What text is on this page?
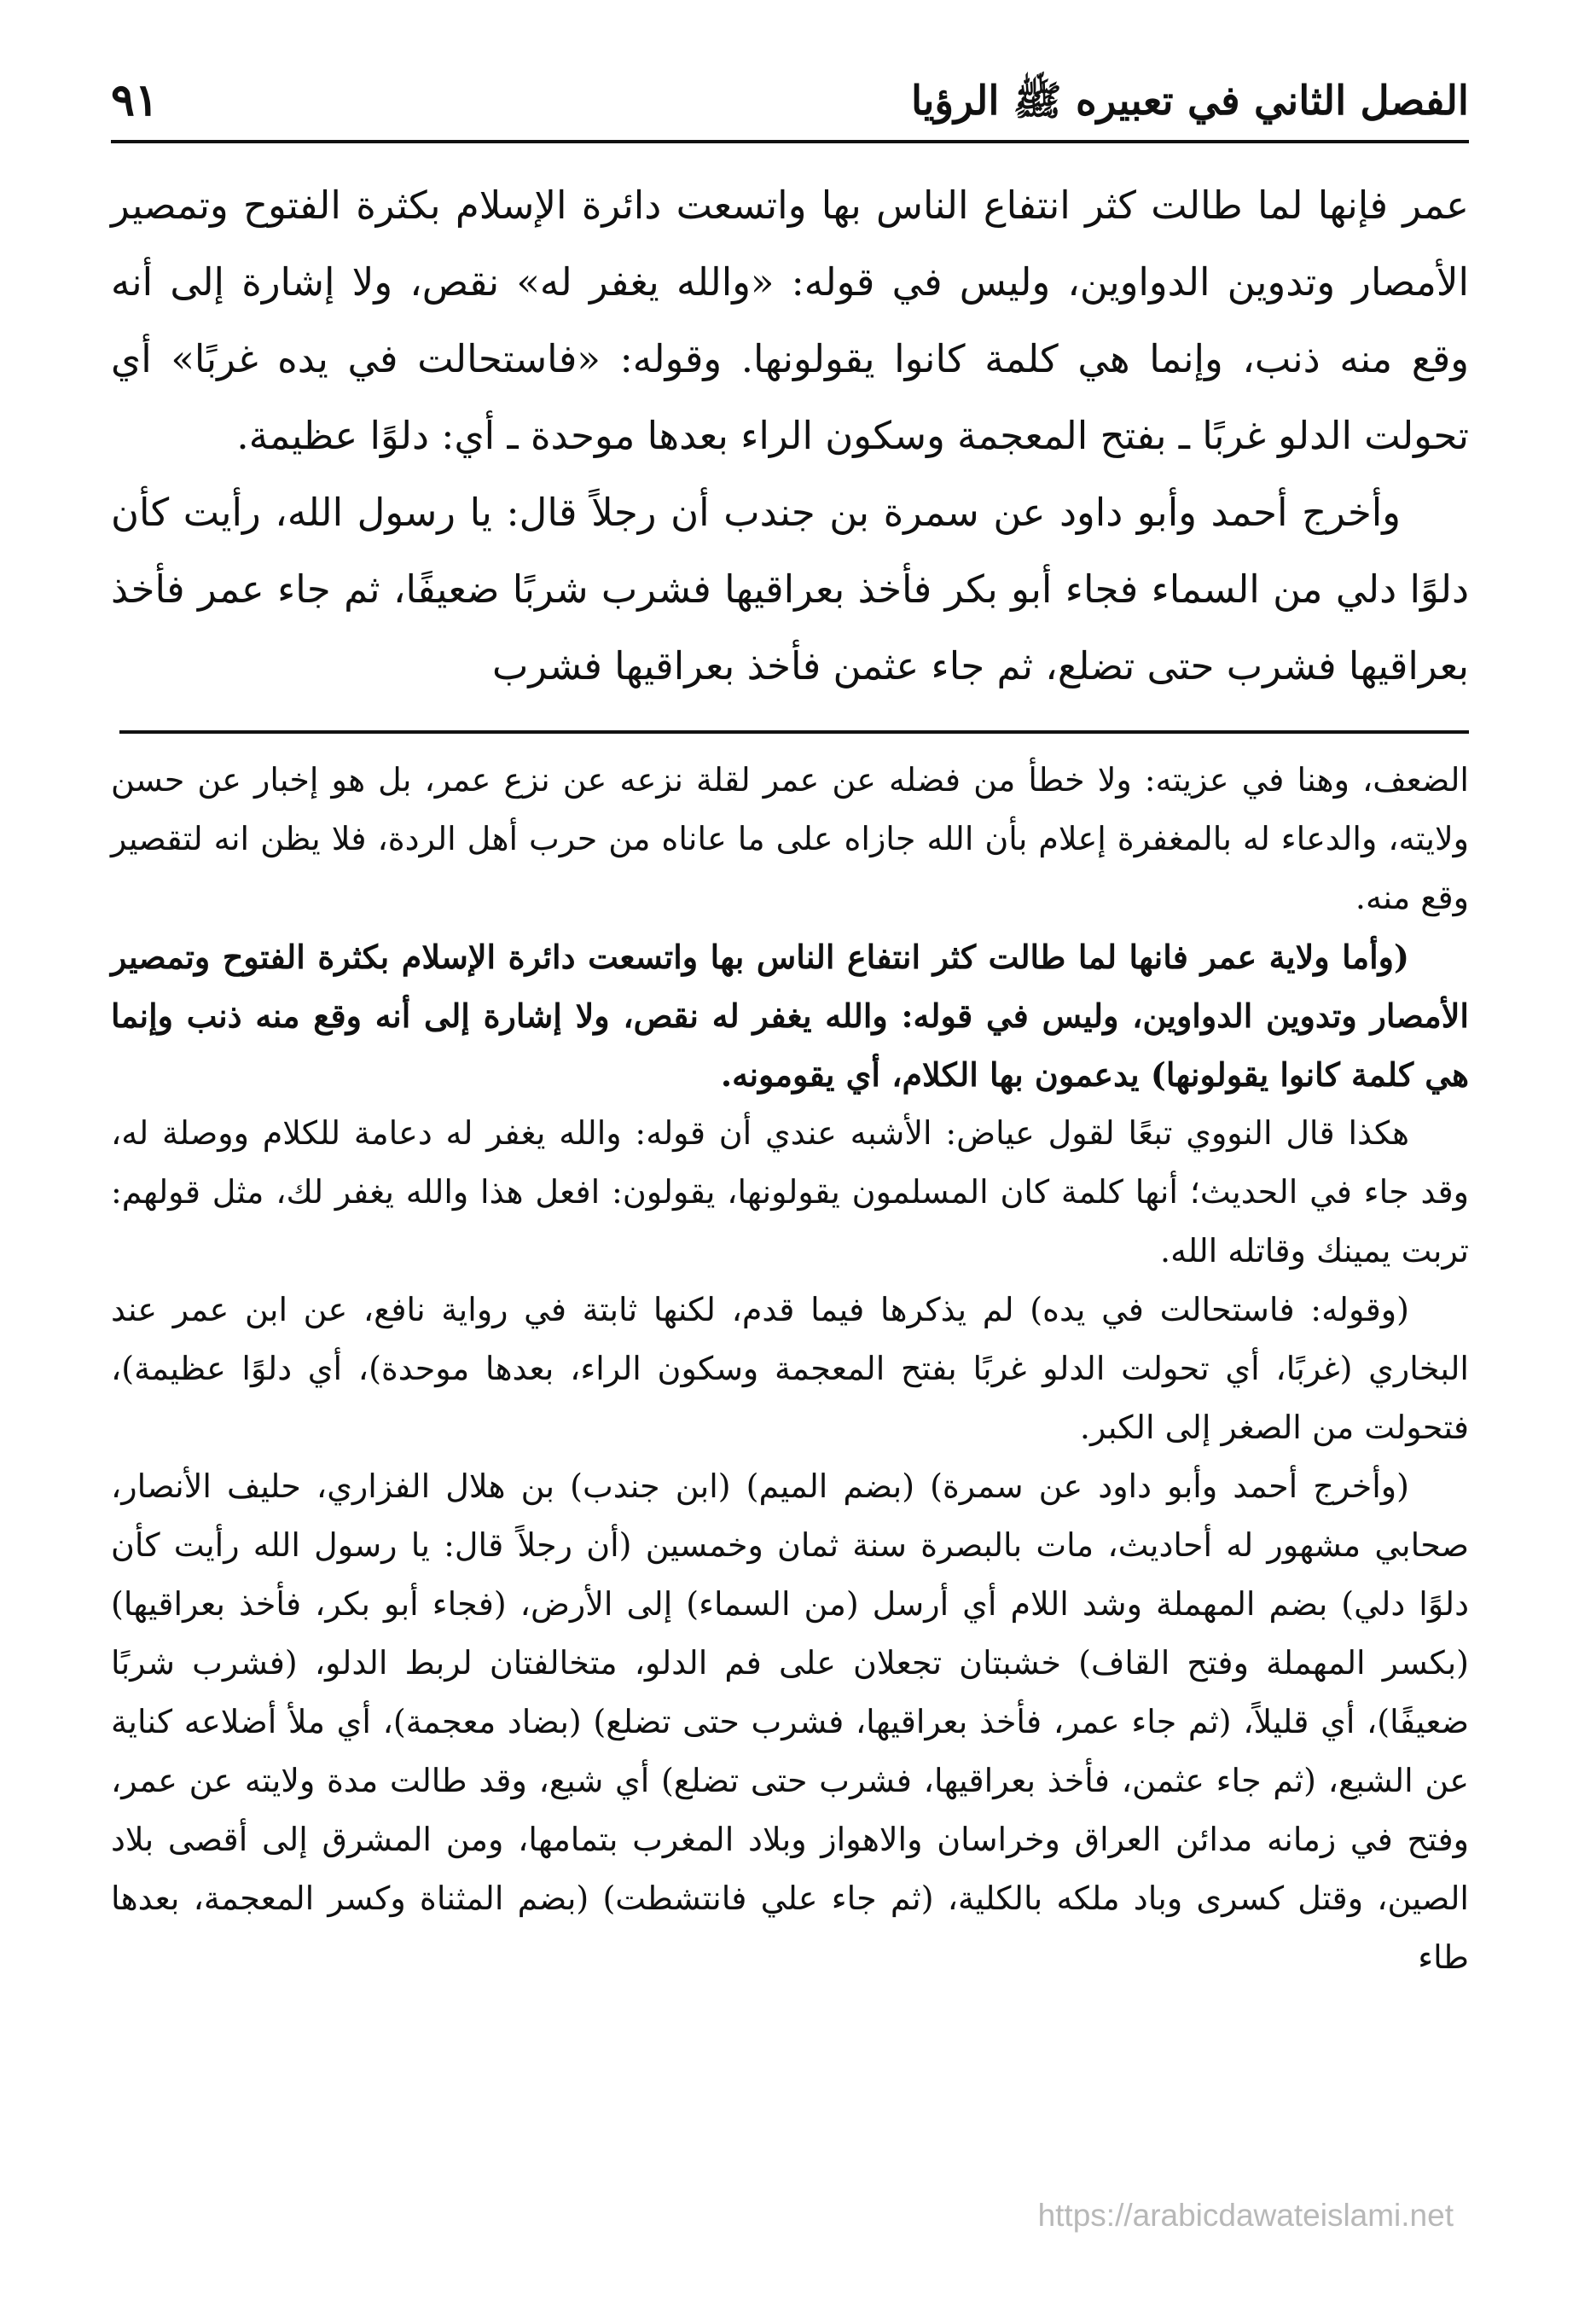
الفصل الثاني في تعبيره ﷺ الرؤيا
٩١

عمر فإنها لما طالت كثر انتفاع الناس بها واتسعت دائرة الإسلام بكثرة الفتوح وتمصير الأمصار وتدوين الدواوين، وليس في قوله: «والله يغفر له» نقص، ولا إشارة إلى أنه وقع منه ذنب، وإنما هي كلمة كانوا يقولونها. وقوله: «فاستحالت في يده غربًا» أي تحولت الدلو غربًا ـ بفتح المعجمة وسكون الراء بعدها موحدة ـ أي: دلوًا عظيمة.

وأخرج أحمد وأبو داود عن سمرة بن جندب أن رجلاً قال: يا رسول الله، رأيت كأن دلوًا دلي من السماء فجاء أبو بكر فأخذ بعراقيها فشرب شربًا ضعيفًا، ثم جاء عمر فأخذ بعراقيها فشرب حتى تضلع، ثم جاء عثمن فأخذ بعراقيها فشرب

الضعف، وهنا في عزيته: ولا خطأ من فضله عن عمر لقلة نزعه عن نزع عمر، بل هو إخبار عن حسن ولايته، والدعاء له بالمغفرة إعلام بأن الله جازاه على ما عاناه من حرب أهل الردة، فلا يظن انه لتقصير وقع منه.

(وأما ولاية عمر فانها لما طالت كثر انتفاع الناس بها واتسعت دائرة الإسلام بكثرة الفتوح وتمصير الأمصار وتدوين الدواوين، وليس في قوله: والله يغفر له نقص، ولا إشارة إلى أنه وقع منه ذنب وإنما هي كلمة كانوا يقولونها) يدعمون بها الكلام، أي يقومونه.

هكذا قال النووي تبعًا لقول عياض: الأشبه عندي أن قوله: والله يغفر له دعامة للكلام ووصلة له، وقد جاء في الحديث؛ أنها كلمة كان المسلمون يقولونها، يقولون: افعل هذا والله يغفر لك، مثل قولهم: تربت يمينك وقاتله الله.

(وقوله: فاستحالت في يده) لم يذكرها فيما قدم، لكنها ثابتة في رواية نافع، عن ابن عمر عند البخاري (غربًا، أي تحولت الدلو غربًا بفتح المعجمة وسكون الراء، بعدها موحدة)، أي دلوًا عظيمة)، فتحولت من الصغر إلى الكبر.

(وأخرج أحمد وأبو داود عن سمرة) (بضم الميم) (ابن جندب) بن هلال الفزاري، حليف الأنصار، صحابي مشهور له أحاديث، مات بالبصرة سنة ثمان وخمسين (أن رجلاً قال: يا رسول الله رأيت كأن دلوًا دلي) بضم المهملة وشد اللام أي أرسل (من السماء) إلى الأرض، (فجاء أبو بكر، فأخذ بعراقيها) (بكسر المهملة وفتح القاف) خشبتان تجعلان على فم الدلو، متخالفتان لربط الدلو، (فشرب شربًا ضعيفًا)، أي قليلاً، (ثم جاء عمر، فأخذ بعراقيها، فشرب حتى تضلع) (بضاد معجمة)، أي ملأ أضلاعه كناية عن الشبع، (ثم جاء عثمن، فأخذ بعراقيها، فشرب حتى تضلع) أي شبع، وقد طالت مدة ولايته عن عمر، وفتح في زمانه مدائن العراق وخراسان والاهواز وبلاد المغرب بتمامها، ومن المشرق إلى أقصى بلاد الصين، وقتل كسرى وباد ملكه بالكلية، (ثم جاء علي فانتشطت) (بضم المثناة وكسر المعجمة، بعدها طاء

https://arabicdawateislami.net
